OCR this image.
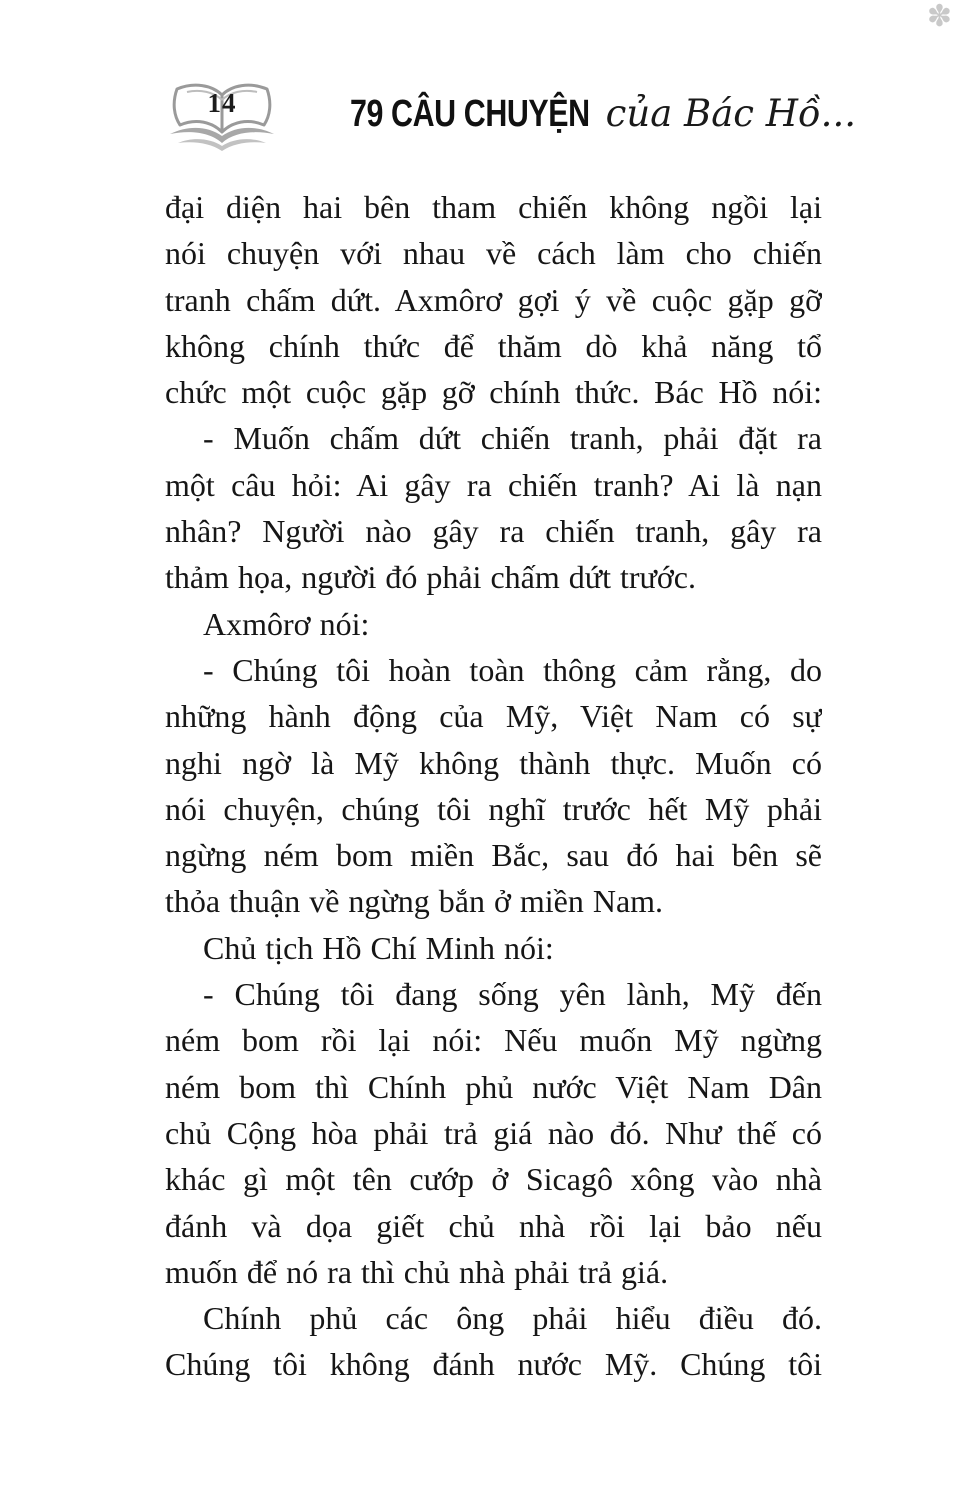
✽
14	79 CÂU CHUYỆN của Bác Hồ...
đại diện hai bên tham chiến không ngồi lại
nói chuyện với nhau về cách làm cho chiến
tranh chấm dứt. Axmôrơ gợi ý về cuộc gặp gỡ
không chính thức để thăm dò khả năng tổ
chức một cuộc gặp gỡ chính thức. Bác Hồ nói:
- Muốn chấm dứt chiến tranh, phải đặt ra
một câu hỏi: Ai gây ra chiến tranh? Ai là nạn
nhân? Người nào gây ra chiến tranh, gây ra
thảm họa, người đó phải chấm dứt trước.
Axmôrơ nói:
- Chúng tôi hoàn toàn thông cảm rằng, do
những hành động của Mỹ, Việt Nam có sự
nghi ngờ là Mỹ không thành thực. Muốn có
nói chuyện, chúng tôi nghĩ trước hết Mỹ phải
ngừng ném bom miền Bắc, sau đó hai bên sẽ
thỏa thuận về ngừng bắn ở miền Nam.
Chủ tịch Hồ Chí Minh nói:
- Chúng tôi đang sống yên lành, Mỹ đến
ném bom rồi lại nói: Nếu muốn Mỹ ngừng
ném bom thì Chính phủ nước Việt Nam Dân
chủ Cộng hòa phải trả giá nào đó. Như thế có
khác gì một tên cướp ở Sicagô xông vào nhà
đánh và dọa giết chủ nhà rồi lại bảo nếu
muốn để nó ra thì chủ nhà phải trả giá.
Chính phủ các ông phải hiểu điều đó.
Chúng tôi không đánh nước Mỹ. Chúng tôi
